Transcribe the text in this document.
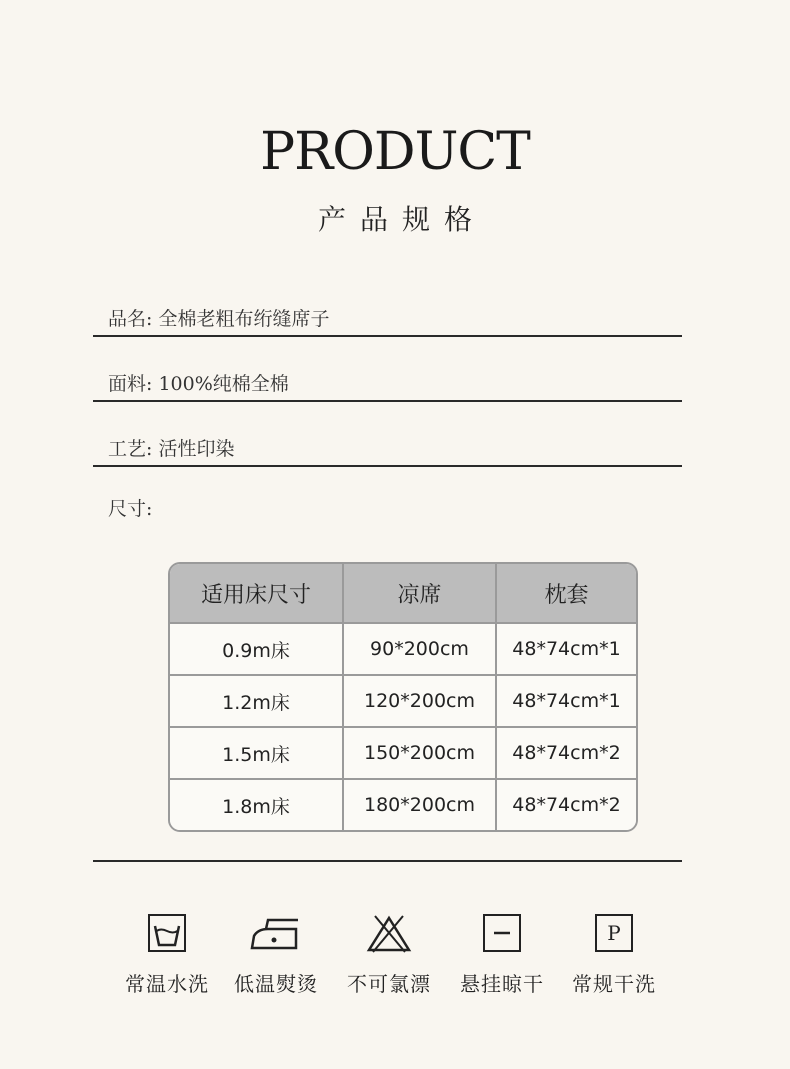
PRODUCT
产品规格
品名: 全棉老粗布绗缝席子
面料: 100%纯棉全棉
工艺: 活性印染
尺寸:
适用床尺寸	凉席	枕套
0.9m床	90*200cm	48*74cm*1
1.2m床	120*200cm	48*74cm*1
1.5m床	150*200cm	48*74cm*2
1.8m床	180*200cm	48*74cm*2
常温水洗	低温熨烫	不可氯漂	悬挂晾干
P
常规干洗
